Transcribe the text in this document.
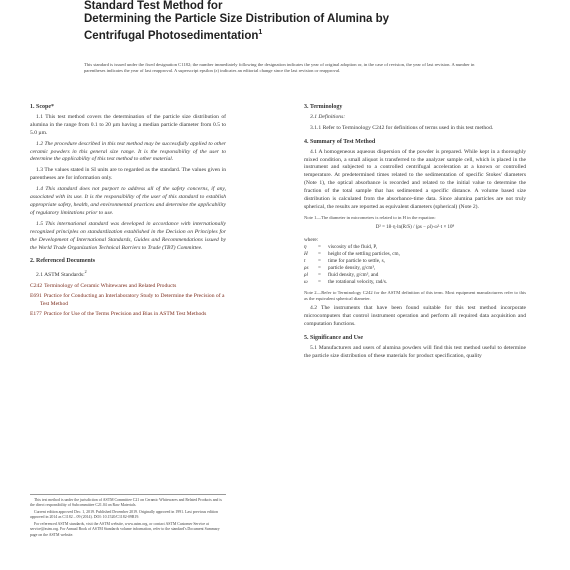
Standard Test Method for
Determining the Particle Size Distribution of Alumina by
Centrifugal Photosedimentation$^1$
This standard is issued under the fixed designation C1182; the number immediately following the designation indicates the year of original adoption or, in the case of revision, the year of last revision. A number in parentheses indicates the year of last reapproval. A superscript epsilon (ε) indicates an editorial change since the last revision or reapproval.
1. Scope*

1.1 This test method covers the determination of the particle size distribution of alumina in the range from 0.1 to 20 µm having a median particle diameter from 0.5 to 5.0 µm.

1.2 The procedure described in this test method may be successfully applied to other ceramic powders in this general size range. It is the responsibility of the user to determine the applicability of this test method to other material.

1.3 The values stated in SI units are to regarded as the standard. The values given in parentheses are for information only.

1.4 This standard does not purport to address all of the safety concerns, if any, associated with its use. It is the responsibility of the user of this standard to establish appropriate safety, health, and environmental practices and determine the applicability of regulatory limitations prior to use.

1.5 This international standard was developed in accordance with internationally recognized principles on standardization established in the Decision on Principles for the Development of International Standards, Guides and Recommendations issued by the World Trade Organization Technical Barriers to Trade (TBT) Committee.

2. Referenced Documents

2.1 ASTM Standards:$^2$

C242 Terminology of Ceramic Whitewares and Related Products
E691 Practice for Conducting an Interlaboratory Study to Determine the Precision of a Test Method
E177 Practice for Use of the Terms Precision and Bias in ASTM Test Methods

This test method is under the jurisdiction of ASTM Committee C21 on Ceramic Whitewares and Related Products and is the direct responsibility of Subcommittee C21.04 on Raw Materials.

Current edition approved Dec. 1, 2019. Published December 2019. Originally approved in 1991. Last previous edition approved in 2014 as C1182 – 09 (2014). DOI: 10.1520/C1182-09R19.

For referenced ASTM standards, visit the ASTM website, www.astm.org, or contact ASTM Customer Service at service@astm.org. For Annual Book of ASTM Standards volume information, refer to the standard's Document Summary page on the ASTM website.

3. Terminology

3.1 Definitions:

3.1.1 Refer to Terminology C242 for definitions of terms used in this test method.

4. Summary of Test Method

4.1 A homogeneous aqueous dispersion of the powder is prepared. While kept in a thoroughly mixed condition, a small aliquot is transferred to the analyzer sample cell, which is placed in the instrument and subjected to a controlled centrifugal acceleration at a known or controlled temperature. At predetermined times related to the sedimentation of specific Stokes' diameters (Note 1), the optical absorbance is recorded and related to the initial value to determine the fraction of the total sample that has sedimented a specific distance. A volume based size distribution is calculated from the absorbance-time data. Since alumina particles are not truly spherical, the results are reported as equivalent diameters (spherical) (Note 2).

Note 1—The diameter in micrometres is related to in H in the equation:

D² = 18·η·ln(R/S) / (ρs − ρl)·ω²·t × 10⁸
where:
η	=	viscosity of the fluid, P,
H	=	height of the settling particles, cm,
t	=	time for particle to settle, s,
ρs	=	particle density, g/cm³,
ρl	=	fluid density, g/cm³, and
ω	=	the rotational velocity, rad/s.

Note 2—Refer to Terminology C242 for the ASTM definition of this term. Most equipment manufacturers refer to this as the equivalent spherical diameter.

4.2 The instruments that have been found suitable for this test method incorporate microcomputers that control instrument operation and perform all required data acquisition and computation functions.

5. Significance and Use

5.1 Manufacturers and users of alumina powders will find this test method useful to determine the particle size distribution of these materials for product specification, quality
